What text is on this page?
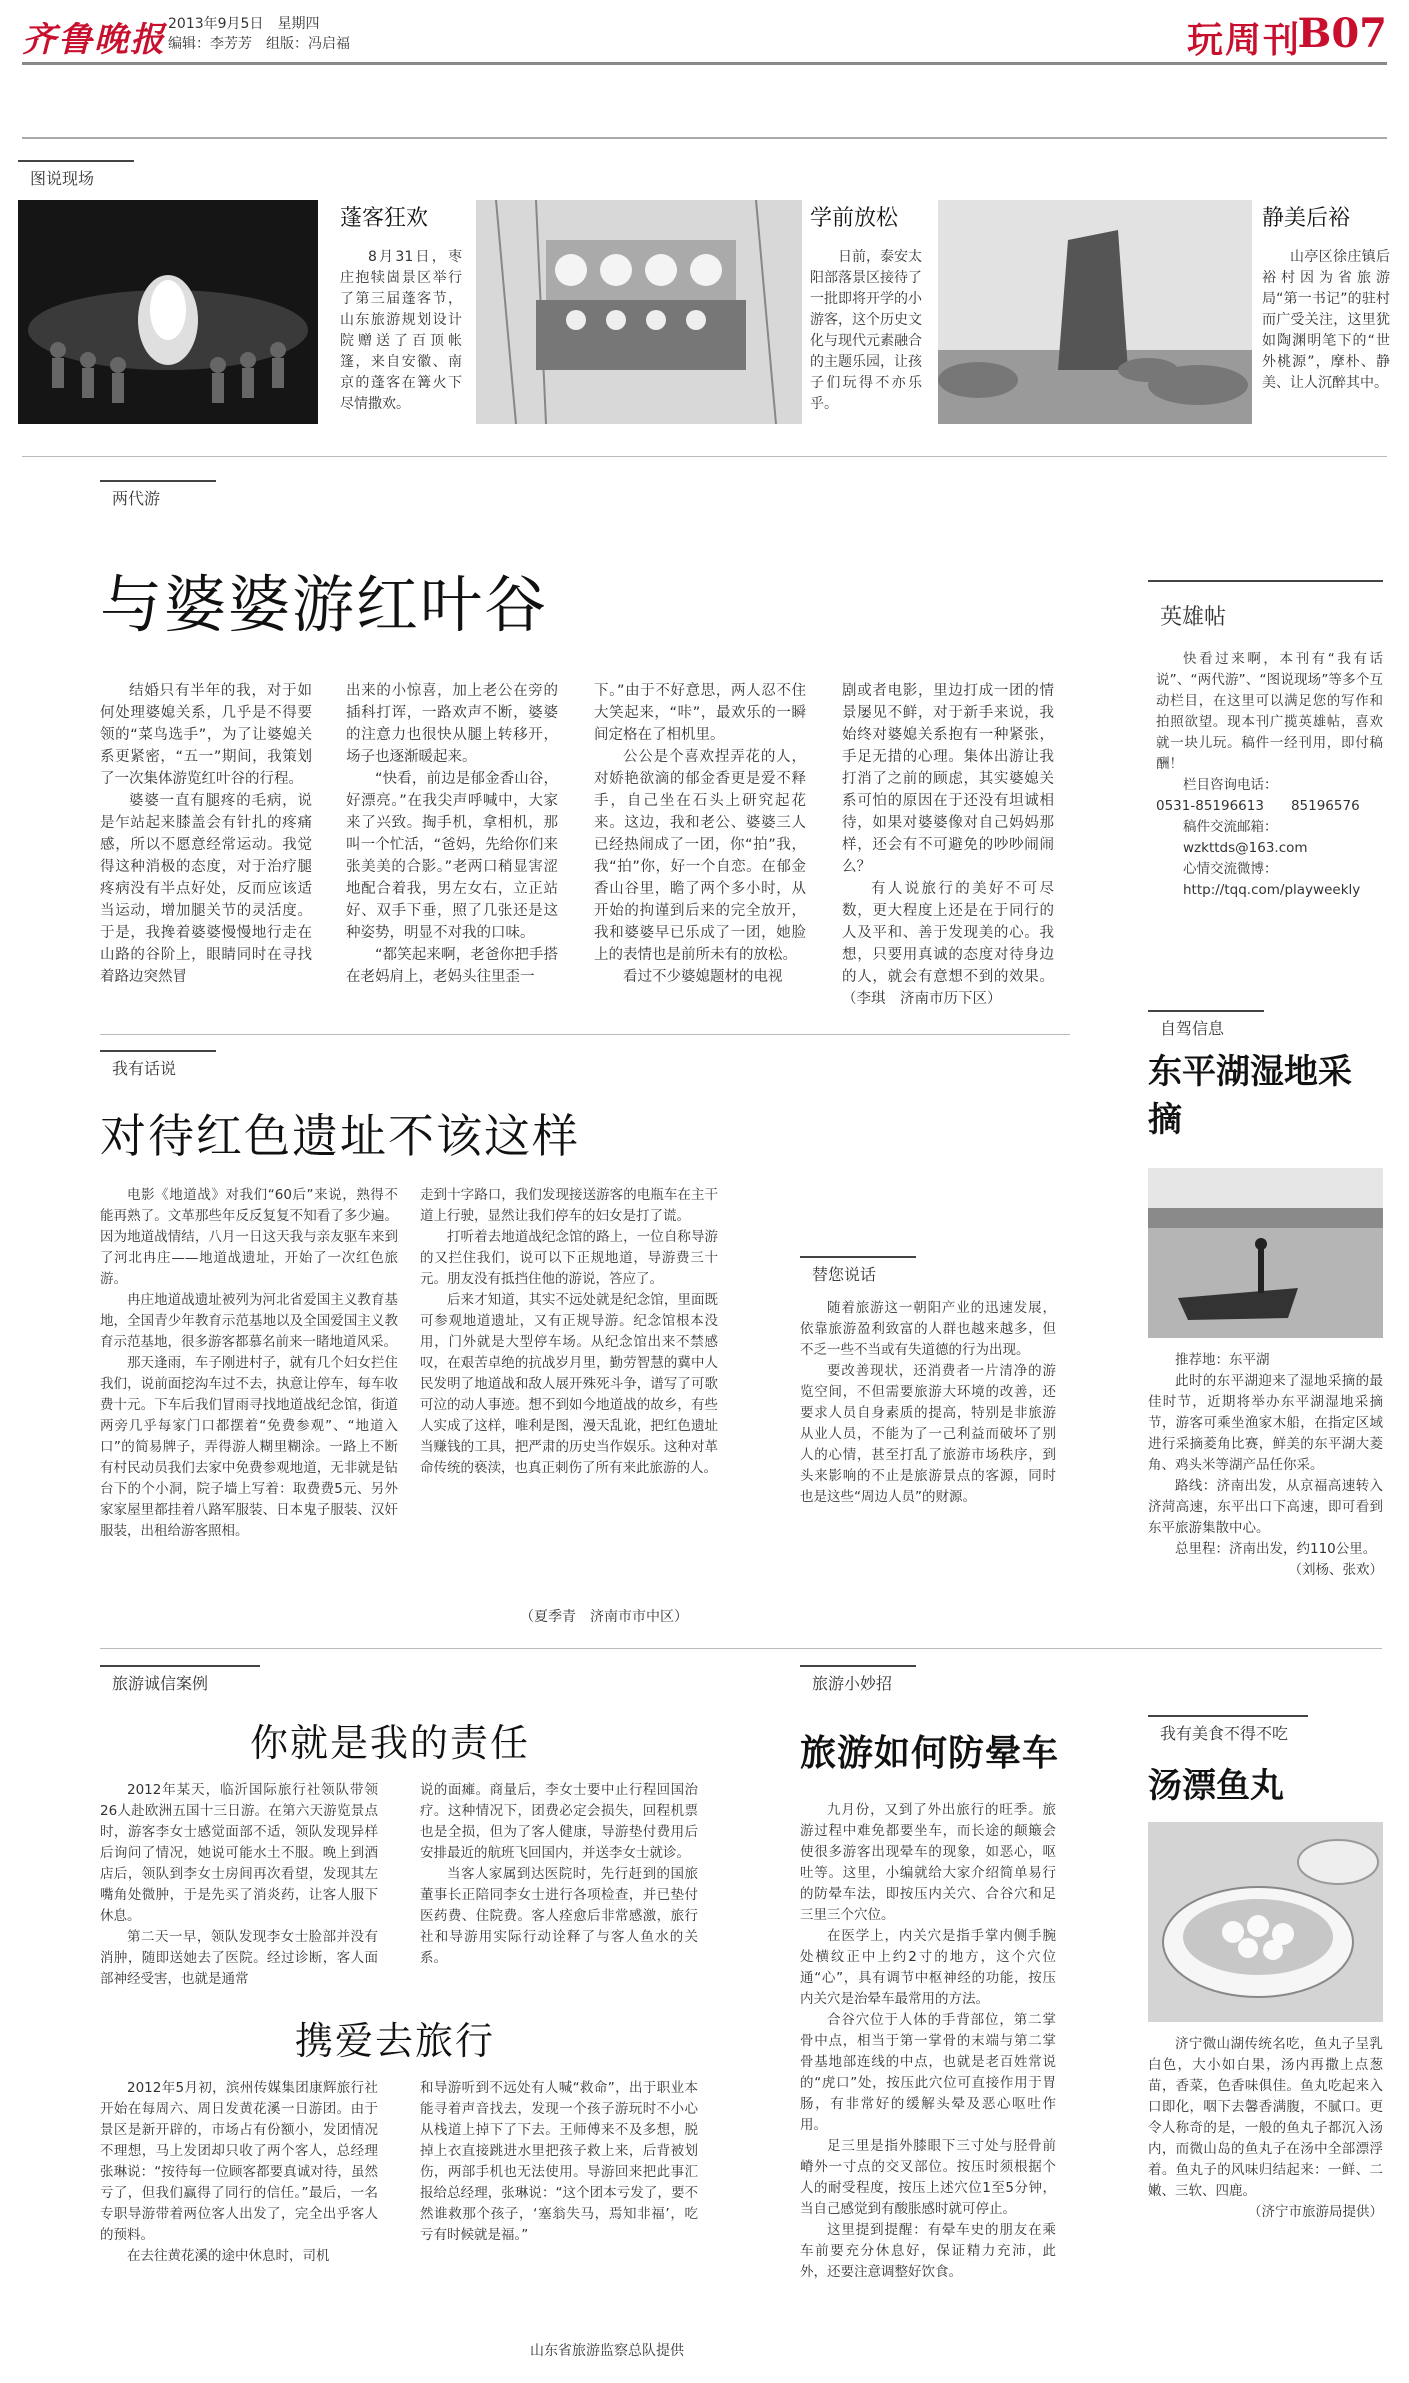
齐鲁晚报 2013年9月5日　星期四
编辑：李芳芳　组版：冯启福	玩周刊
B07
图说现场
蓬客狂欢
8月31日，枣庄抱犊崮景区举行了第三届蓬客节，山东旅游规划设计院赠送了百顶帐篷，来自安徽、南京的蓬客在篝火下尽情撒欢。
学前放松
日前，泰安太阳部落景区接待了一批即将开学的小游客，这个历史文化与现代元素融合的主题乐园，让孩子们玩得不亦乐乎。
静美后裕
山亭区徐庄镇后裕村因为省旅游局“第一书记”的驻村而广受关注，这里犹如陶渊明笔下的“世外桃源”，摩朴、静美、让人沉醉其中。
两代游
与婆婆游红叶谷

结婚只有半年的我，对于如何处理婆媳关系，几乎是不得要领的“菜鸟选手”，为了让婆媳关系更紧密，“五一”期间，我策划了一次集体游览红叶谷的行程。

婆婆一直有腿疼的毛病，说是乍站起来膝盖会有针扎的疼痛感，所以不愿意经常运动。我觉得这种消极的态度，对于治疗腿疼病没有半点好处，反而应该适当运动，增加腿关节的灵活度。于是，我搀着婆婆慢慢地行走在山路的谷阶上，眼睛同时在寻找着路边突然冒

出来的小惊喜，加上老公在旁的插科打诨，一路欢声不断，婆婆的注意力也很快从腿上转移开，场子也逐渐暖起来。

“快看，前边是郁金香山谷，好漂亮。”在我尖声呼喊中，大家来了兴致。掏手机，拿相机，那叫一个忙活，“爸妈，先给你们来张美美的合影。”老两口稍显害涩地配合着我，男左女右，立正站好、双手下垂，照了几张还是这种姿势，明显不对我的口味。

“都笑起来啊，老爸你把手搭在老妈肩上，老妈头往里歪一

下。”由于不好意思，两人忍不住大笑起来，“咔”，最欢乐的一瞬间定格在了相机里。

公公是个喜欢捏弄花的人，对娇艳欲滴的郁金香更是爱不释手，自己坐在石头上研究起花来。这边，我和老公、婆婆三人已经热闹成了一团，你“拍”我，我“拍”你，好一个自恋。在郁金香山谷里，瞻了两个多小时，从开始的拘谨到后来的完全放开，我和婆婆早已乐成了一团，她脸上的表情也是前所未有的放松。

看过不少婆媳题材的电视

剧或者电影，里边打成一团的情景屡见不鲜，对于新手来说，我始终对婆媳关系抱有一种紧张，手足无措的心理。集体出游让我打消了之前的顾虑，其实婆媳关系可怕的原因在于还没有坦诚相待，如果对婆婆像对自己妈妈那样，还会有不可避免的吵吵闹闹么？

有人说旅行的美好不可尽数，更大程度上还是在于同行的人及平和、善于发现美的心。我想，只要用真诚的态度对待身边的人，就会有意想不到的效果。（李琪　济南市历下区）

我有话说
对待红色遗址不该这样

电影《地道战》对我们“60后”来说，熟得不能再熟了。文革那些年反反复复不知看了多少遍。因为地道战情结，八月一日这天我与亲友驱车来到了河北冉庄——地道战遗址，开始了一次红色旅游。

冉庄地道战遗址被列为河北省爱国主义教育基地，全国青少年教育示范基地以及全国爱国主义教育示范基地，很多游客都慕名前来一睹地道风采。

那天逢雨，车子刚进村子，就有几个妇女拦住我们，说前面挖沟车过不去，执意让停车，每车收费十元。下车后我们冒雨寻找地道战纪念馆，街道两旁几乎每家门口都摆着“免费参观”、“地道入口”的简易牌子，弄得游人糊里糊涂。一路上不断有村民动员我们去家中免费参观地道，无非就是钻台下的个小洞，院子墙上写着：取费费5元、另外家家屋里都挂着八路军服装、日本鬼子服装、汉奸服装，出租给游客照相。

走到十字路口，我们发现接送游客的电瓶车在主干道上行驶，显然让我们停车的妇女是打了谎。

打听着去地道战纪念馆的路上，一位自称导游的又拦住我们，说可以下正规地道，导游费三十元。朋友没有抵挡住他的游说，答应了。

后来才知道，其实不远处就是纪念馆，里面既可参观地道遗址，又有正规导游。纪念馆根本没用，门外就是大型停车场。从纪念馆出来不禁感叹，在艰苦卓绝的抗战岁月里，勤劳智慧的冀中人民发明了地道战和敌人展开殊死斗争，谱写了可歌可泣的动人事迹。想不到如今地道战的故乡，有些人实成了这样，唯利是图，漫天乱讹，把红色遗址当赚钱的工具，把严肃的历史当作娱乐。这种对革命传统的亵渎，也真正刺伤了所有来此旅游的人。

（夏季青　济南市市中区）
替您说话

随着旅游这一朝阳产业的迅速发展，依靠旅游盈利致富的人群也越来越多，但不乏一些不当或有失道德的行为出现。

要改善现状，还消费者一片清净的游览空间，不但需要旅游大环境的改善，还要求人员自身素质的提高，特别是非旅游从业人员，不能为了一己利益而破坏了别人的心情，甚至打乱了旅游市场秩序，到头来影响的不止是旅游景点的客源，同时也是这些“周边人员”的财源。

旅游诚信案例
你就是我的责任

2012年某天，临沂国际旅行社领队带领26人赴欧洲五国十三日游。在第六天游览景点时，游客李女士感觉面部不适，领队发现异样后询问了情况，她说可能水土不服。晚上到酒店后，领队到李女士房间再次看望，发现其左嘴角处微肿，于是先买了消炎药，让客人服下休息。

第二天一早，领队发现李女士脸部并没有消肿，随即送她去了医院。经过诊断，客人面部神经受害，也就是通常

说的面瘫。商量后，李女士要中止行程回国治疗。这种情况下，团费必定会损失，回程机票也是全损，但为了客人健康，导游垫付费用后安排最近的航班飞回国内，并送李女士就诊。

当客人家属到达医院时，先行赶到的国旅董事长正陪同李女士进行各项检查，并已垫付医药费、住院费。客人痊愈后非常感激，旅行社和导游用实际行动诠释了与客人鱼水的关系。

携爱去旅行

2012年5月初，滨州传媒集团康辉旅行社开始在每周六、周日发黄花溪一日游团。由于景区是新开辟的，市场占有份额小，发团情况不理想，马上发团却只收了两个客人，总经理张琳说：“按待每一位顾客都要真诚对待，虽然亏了，但我们赢得了同行的信任。”最后，一名专职导游带着两位客人出发了，完全出乎客人的预料。

在去往黄花溪的途中休息时，司机

和导游听到不远处有人喊“救命”，出于职业本能寻着声音找去，发现一个孩子游玩时不小心从栈道上掉下了下去。王师傅来不及多想，脱掉上衣直接跳进水里把孩子救上来，后背被划伤，两部手机也无法使用。导游回来把此事汇报给总经理，张琳说：“这个团本亏发了，要不然谁救那个孩子，‘塞翁失马，焉知非福’，吃亏有时候就是福。”

山东省旅游监察总队提供
旅游小妙招
旅游如何防晕车

九月份，又到了外出旅行的旺季。旅游过程中难免都要坐车，而长途的颠簸会使很多游客出现晕车的现象，如恶心，呕吐等。这里，小编就给大家介绍简单易行的防晕车法，即按压内关穴、合谷穴和足三里三个穴位。

在医学上，内关穴是指手掌内侧手腕处横纹正中上约2寸的地方，这个穴位通“心”，具有调节中枢神经的功能，按压内关穴是治晕车最常用的方法。

合谷穴位于人体的手背部位，第二掌骨中点，相当于第一掌骨的末端与第二掌骨基地部连线的中点，也就是老百姓常说的“虎口”处，按压此穴位可直接作用于胃肠，有非常好的缓解头晕及恶心呕吐作用。

足三里是指外膝眼下三寸处与胫骨前嵴外一寸点的交叉部位。按压时须根据个人的耐受程度，按压上述穴位1至5分钟，当自己感觉到有酸胀感时就可停止。

这里提到提醒：有晕车史的朋友在乘车前要充分休息好，保证精力充沛，此外，还要注意调整好饮食。

英雄帖

快看过来啊，本刊有“我有话说”、“两代游”、“图说现场”等多个互动栏目，在这里可以满足您的写作和拍照欲望。现本刊广揽英雄帖，喜欢就一块儿玩。稿件一经刊用，即付稿酬！

栏目咨询电话：

0531-85196613　　85196576

稿件交流邮箱：

wzkttds@163.com

心情交流微博：

http://tqq.com/playweekly

自驾信息
东平湖湿地采摘

推荐地：东平湖

此时的东平湖迎来了湿地采摘的最佳时节，近期将举办东平湖湿地采摘节，游客可乘坐渔家木船，在指定区域进行采摘菱角比赛，鲜美的东平湖大菱角、鸡头米等湖产品任你采。

路线：济南出发，从京福高速转入济菏高速，东平出口下高速，即可看到东平旅游集散中心。

总里程：济南出发，约110公里。

（刘杨、张欢）
我有美食不得不吃
汤漂鱼丸

济宁微山湖传统名吃，鱼丸子呈乳白色，大小如白果，汤内再撒上点葱苗，香菜，色香味俱佳。鱼丸吃起来入口即化，咽下去馨香满腹，不腻口。更令人称奇的是，一般的鱼丸子都沉入汤内，而微山岛的鱼丸子在汤中全部漂浮着。鱼丸子的风味归结起来：一鲜、二嫩、三软、四鹿。

（济宁市旅游局提供）
